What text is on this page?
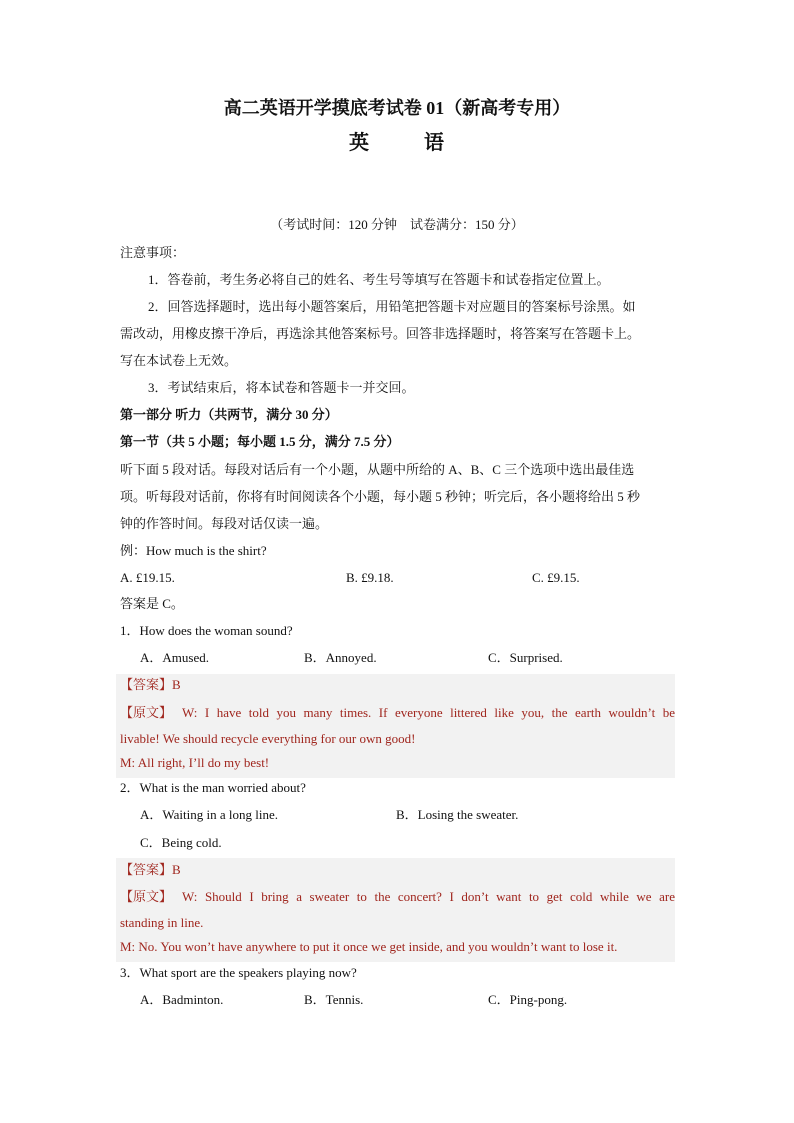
高二英语开学摸底考试卷 01（新高考专用）
英	语
（考试时间：120 分钟　试卷满分：150 分）
注意事项：
1．答卷前，考生务必将自己的姓名、考生号等填写在答题卡和试卷指定位置上。
2．回答选择题时，选出每小题答案后，用铅笔把答题卡对应题目的答案标号涂黑。如
需改动，用橡皮擦干净后，再选涂其他答案标号。回答非选择题时，将答案写在答题卡上。
写在本试卷上无效。
3．考试结束后，将本试卷和答题卡一并交回。
第一部分 听力（共两节，满分 30 分）
第一节（共 5 小题；每小题 1.5 分，满分 7.5 分）
听下面 5 段对话。每段对话后有一个小题，从题中所给的 A、B、C 三个选项中选出最佳选
项。听每段对话前，你将有时间阅读各个小题，每小题 5 秒钟；听完后，各小题将给出 5 秒
钟的作答时间。每段对话仅读一遍。
例：How much is the shirt?
A. £19.15.	B. £9.18.	C. £9.15.
答案是 C。
1．How does the woman sound?
A．Amused.	B．Annoyed.	C．Surprised.
【答案】B
【原文】 W: I have told you many times. If everyone littered like you, the earth wouldn’t be
livable! We should recycle everything for our own good!
M: All right, I’ll do my best!
2．What is the man worried about?
A．Waiting in a long line.	B．Losing the sweater.
C．Being cold.
【答案】B
【原文】 W: Should I bring a sweater to the concert? I don’t want to get cold while we are
standing in line.
M: No. You won’t have anywhere to put it once we get inside, and you wouldn’t want to lose it.
3．What sport are the speakers playing now?
A．Badminton.	B．Tennis.	C．Ping-pong.
